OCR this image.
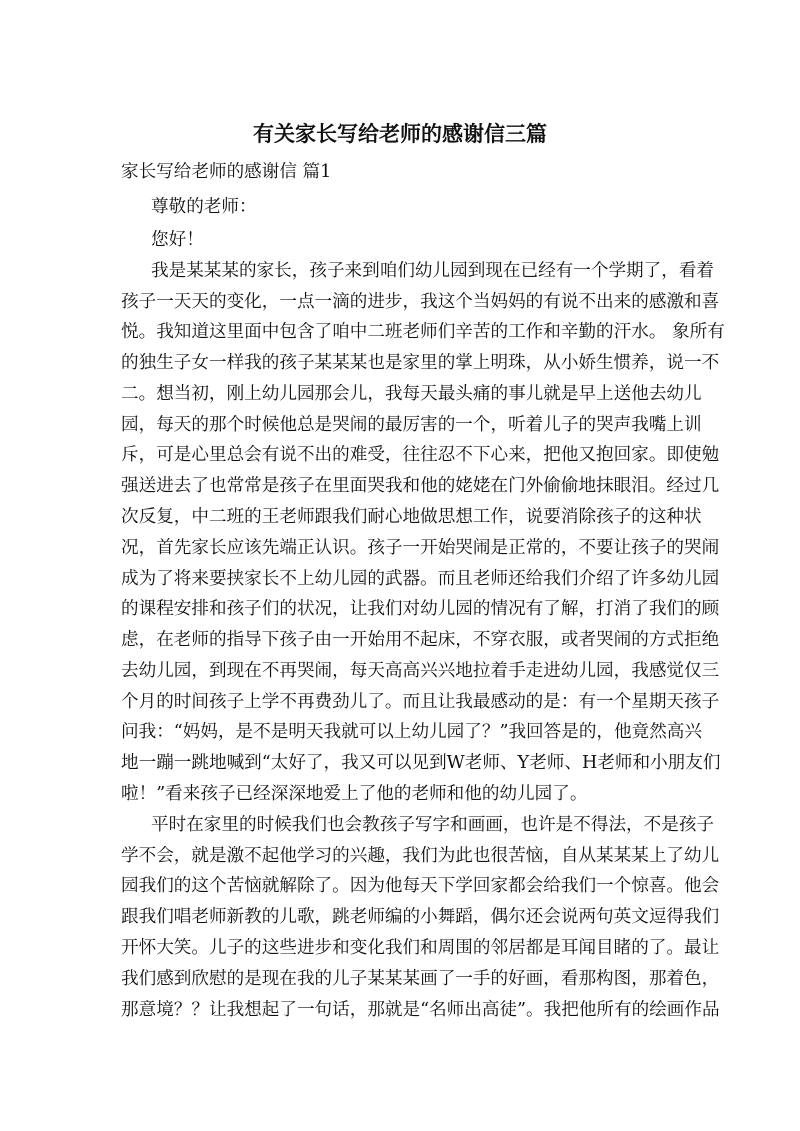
有关家长写给老师的感谢信三篇

家长写给老师的感谢信 篇1

尊敬的老师：

您好！

我是某某某的家长，孩子来到咱们幼儿园到现在已经有一个学期了，看着

孩子一天天的变化，一点一滴的进步，我这个当妈妈的有说不出来的感激和喜

悦。我知道这里面中包含了咱中二班老师们辛苦的工作和辛勤的汗水。 象所有

的独生子女一样我的孩子某某某也是家里的掌上明珠，从小娇生惯养，说一不

二。想当初，刚上幼儿园那会儿，我每天最头痛的事儿就是早上送他去幼儿

园，每天的那个时候他总是哭闹的最厉害的一个，听着儿子的哭声我嘴上训

斥，可是心里总会有说不出的难受，往往忍不下心来，把他又抱回家。即使勉

强送进去了也常常是孩子在里面哭我和他的姥姥在门外偷偷地抹眼泪。经过几

次反复，中二班的王老师跟我们耐心地做思想工作，说要消除孩子的这种状

况，首先家长应该先端正认识。孩子一开始哭闹是正常的，不要让孩子的哭闹

成为了将来要挟家长不上幼儿园的武器。而且老师还给我们介绍了许多幼儿园

的课程安排和孩子们的状况，让我们对幼儿园的情况有了解，打消了我们的顾

虑，在老师的指导下孩子由一开始用不起床，不穿衣服，或者哭闹的方式拒绝

去幼儿园，到现在不再哭闹，每天高高兴兴地拉着手走进幼儿园，我感觉仅三

个月的时间孩子上学不再费劲儿了。而且让我最感动的是：有一个星期天孩子

问我：“妈妈，是不是明天我就可以上幼儿园了？”我回答是的，他竟然高兴

地一蹦一跳地喊到“太好了，我又可以见到W老师、Y老师、H老师和小朋友们

啦！”看来孩子已经深深地爱上了他的老师和他的幼儿园了。

平时在家里的时候我们也会教孩子写字和画画，也许是不得法，不是孩子

学不会，就是激不起他学习的兴趣，我们为此也很苦恼，自从某某某上了幼儿

园我们的这个苦恼就解除了。因为他每天下学回家都会给我们一个惊喜。他会

跟我们唱老师新教的儿歌，跳老师编的小舞蹈，偶尔还会说两句英文逗得我们

开怀大笑。儿子的这些进步和变化我们和周围的邻居都是耳闻目睹的了。最让

我们感到欣慰的是现在我的儿子某某某画了一手的好画，看那构图，那着色，

那意境？？让我想起了一句话，那就是“名师出高徒”。我把他所有的绘画作品
